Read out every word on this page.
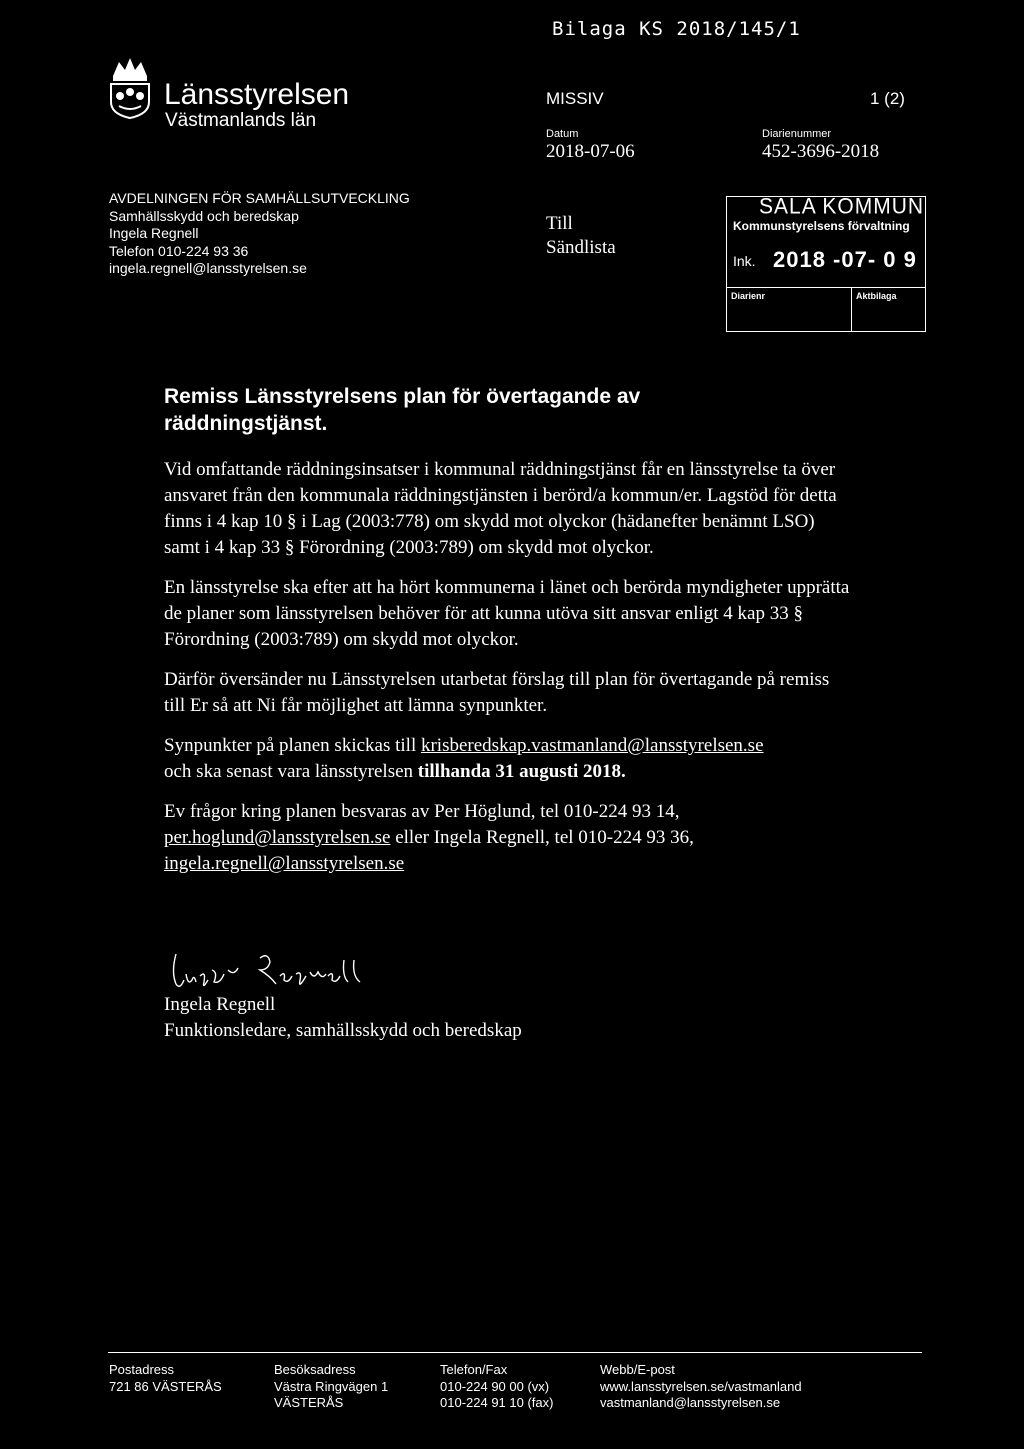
Bilaga KS 2018/145/1
Länsstyrelsen
Västmanlands län
MISSIV	1 (2)
Datum
2018-07-06
Diarienummer
452-3696-2018
AVDELNINGEN FÖR SAMHÄLLSUTVECKLING
Samhällsskydd och beredskap
Ingela Regnell
Telefon 010-224 93 36
ingela.regnell@lansstyrelsen.se
Till
Sändlista
SALA KOMMUN
Kommunstyrelsens förvaltning
Ink. 2018 -07- 0 9
Diarienr	Aktbilaga
Remiss Länsstyrelsens plan för övertagande av
räddningstjänst.

Vid omfattande räddningsinsatser i kommunal räddningstjänst får en länsstyrelse ta över ansvaret från den kommunala räddningstjänsten i berörd/a kommun/er. Lagstöd för detta finns i 4 kap 10 § i Lag (2003:778) om skydd mot olyckor (hädanefter benämnt LSO) samt i 4 kap 33 § Förordning (2003:789) om skydd mot olyckor.

En länsstyrelse ska efter att ha hört kommunerna i länet och berörda myndigheter upprätta de planer som länsstyrelsen behöver för att kunna utöva sitt ansvar enligt 4 kap 33 § Förordning (2003:789) om skydd mot olyckor.

Därför översänder nu Länsstyrelsen utarbetat förslag till plan för övertagande på remiss till Er så att Ni får möjlighet att lämna synpunkter.

Synpunkter på planen skickas till krisberedskap.vastmanland@lansstyrelsen.se
och ska senast vara länsstyrelsen tillhanda 31 augusti 2018.

Ev frågor kring planen besvaras av Per Höglund, tel 010-224 93 14,
per.hoglund@lansstyrelsen.se eller Ingela Regnell, tel 010-224 93 36,
ingela.regnell@lansstyrelsen.se

Ingela Regnell
Funktionsledare, samhällsskydd och beredskap
Postadress
721 86 VÄSTERÅS
Besöksadress
Västra Ringvägen 1
VÄSTERÅS
Telefon/Fax
010-224 90 00 (vx)
010-224 91 10 (fax)
Webb/E-post
www.lansstyrelsen.se/vastmanland
vastmanland@lansstyrelsen.se
